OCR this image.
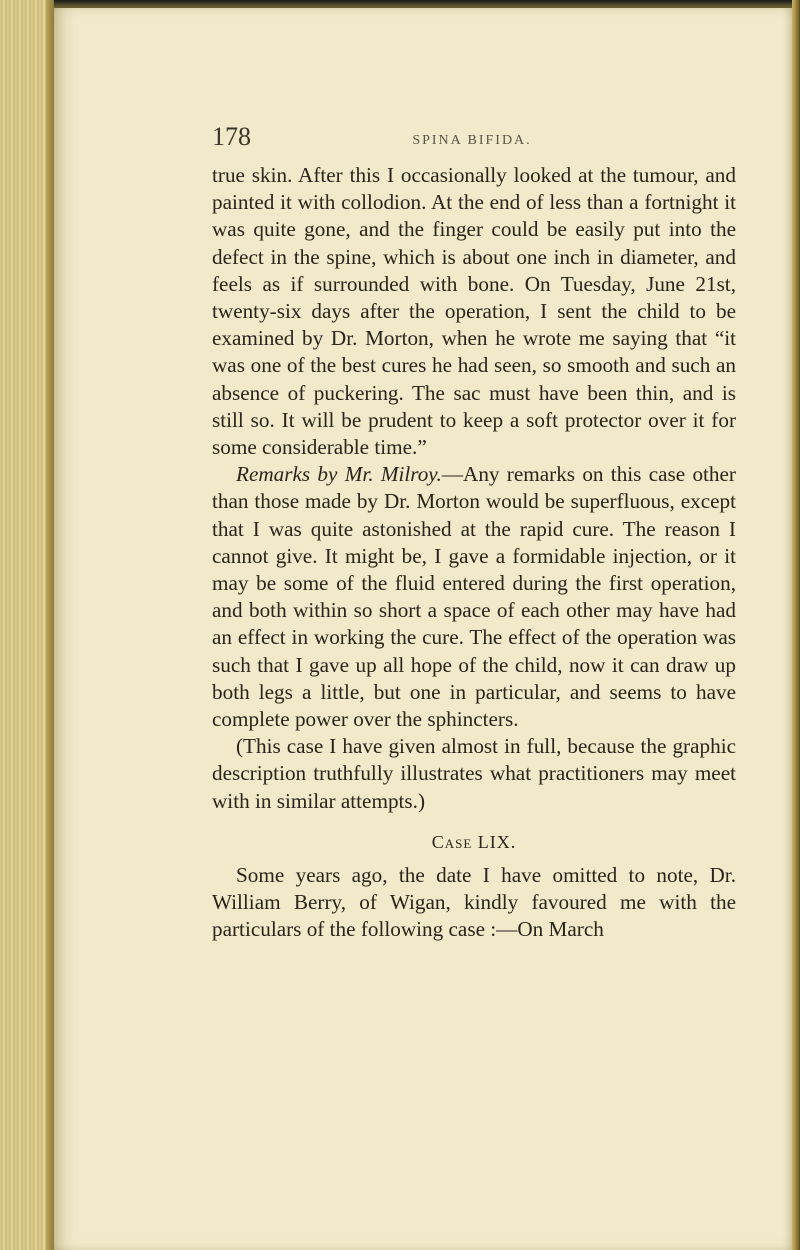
178	SPINA BIFIDA.

true skin. After this I occasionally looked at the tumour, and painted it with collodion. At the end of less than a fortnight it was quite gone, and the finger could be easily put into the defect in the spine, which is about one inch in diameter, and feels as if surrounded with bone. On Tuesday, June 21st, twenty-six days after the operation, I sent the child to be examined by Dr. Morton, when he wrote me saying that “it was one of the best cures he had seen, so smooth and such an absence of puckering. The sac must have been thin, and is still so. It will be prudent to keep a soft protector over it for some considerable time.”

Remarks by Mr. Milroy.—Any remarks on this case other than those made by Dr. Morton would be superfluous, except that I was quite astonished at the rapid cure. The reason I cannot give. It might be, I gave a formidable injection, or it may be some of the fluid entered during the first operation, and both within so short a space of each other may have had an effect in working the cure. The effect of the operation was such that I gave up all hope of the child, now it can draw up both legs a little, but one in particular, and seems to have complete power over the sphincters.

(This case I have given almost in full, because the graphic description truthfully illustrates what practitioners may meet with in similar attempts.)

Case LIX.

Some years ago, the date I have omitted to note, Dr. William Berry, of Wigan, kindly favoured me with the particulars of the following case :—On March
